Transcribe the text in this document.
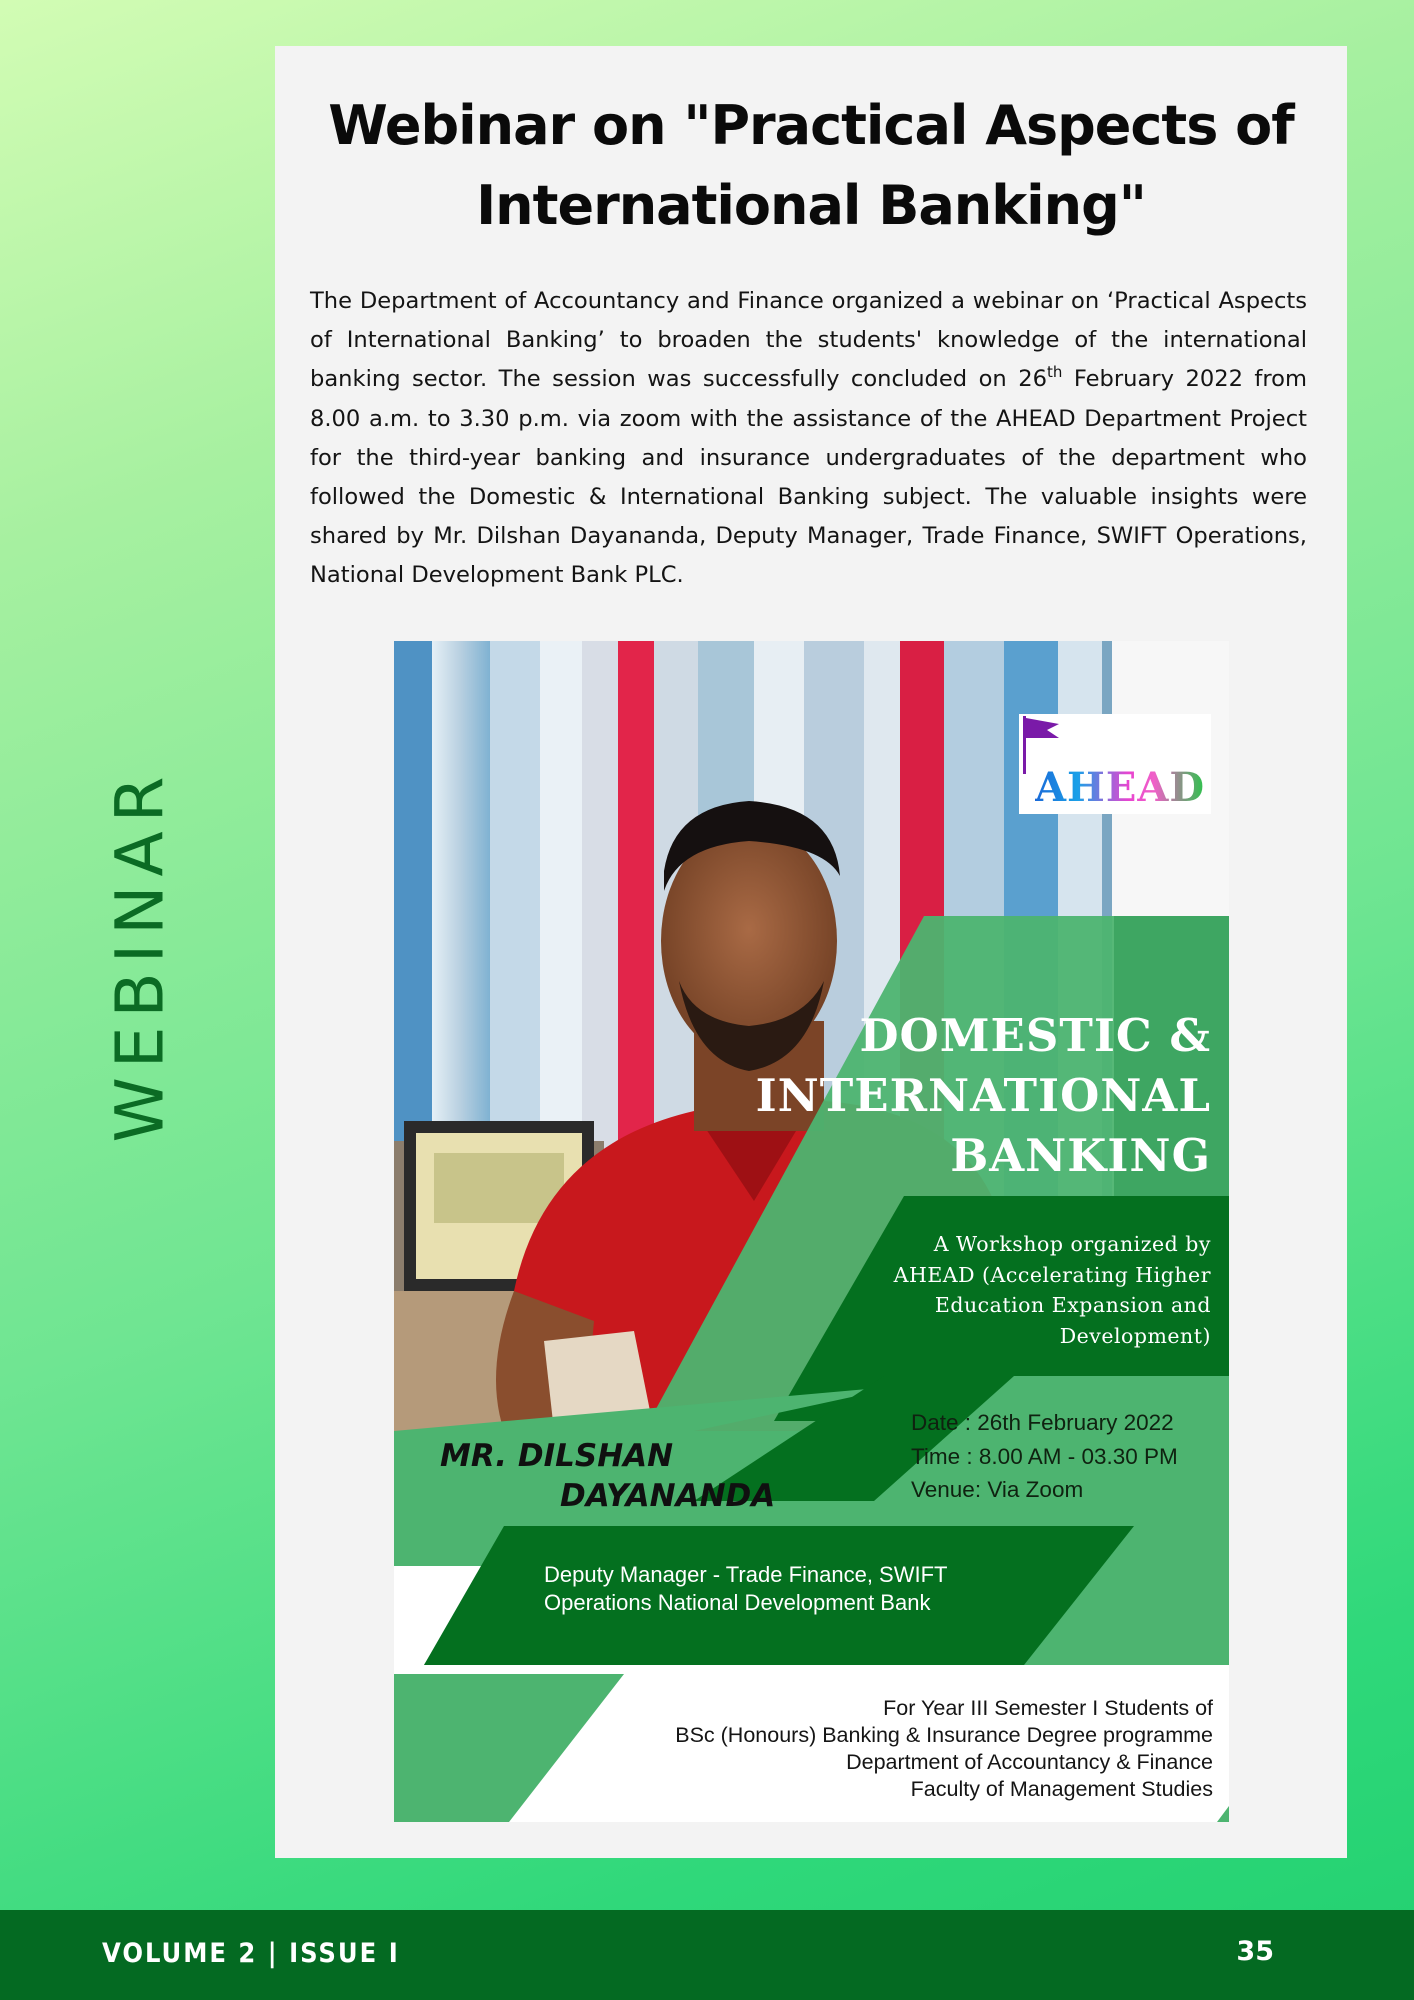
WEBINAR
Webinar on "Practical Aspects of
International Banking"

The Department of Accountancy and Finance organized a webinar on ‘Practical Aspects of International Banking’ to broaden the students' knowledge of the international banking sector. The session was successfully concluded on 26th February 2022 from 8.00 a.m. to 3.30 p.m. via zoom with the assistance of the AHEAD Department Project for the third-year banking and insurance undergraduates of the department who followed the Domestic & International Banking subject. The valuable insights were shared by Mr. Dilshan Dayananda, Deputy Manager, Trade Finance, SWIFT Operations, National Development Bank PLC.

AHEAD
DOMESTIC &
INTERNATIONAL
BANKING
A Workshop organized by
AHEAD (Accelerating Higher
Education Expansion and
Development)
Date : 26th February 2022
Time : 8.00 AM - 03.30 PM
Venue: Via Zoom
MR. DILSHAN
DAYANANDA
Deputy Manager - Trade Finance, SWIFT
Operations National Development Bank
For Year III Semester I Students of
BSc (Honours) Banking & Insurance Degree programme
Department of Accountancy & Finance
Faculty of Management Studies
VOLUME 2 | ISSUE I	35
